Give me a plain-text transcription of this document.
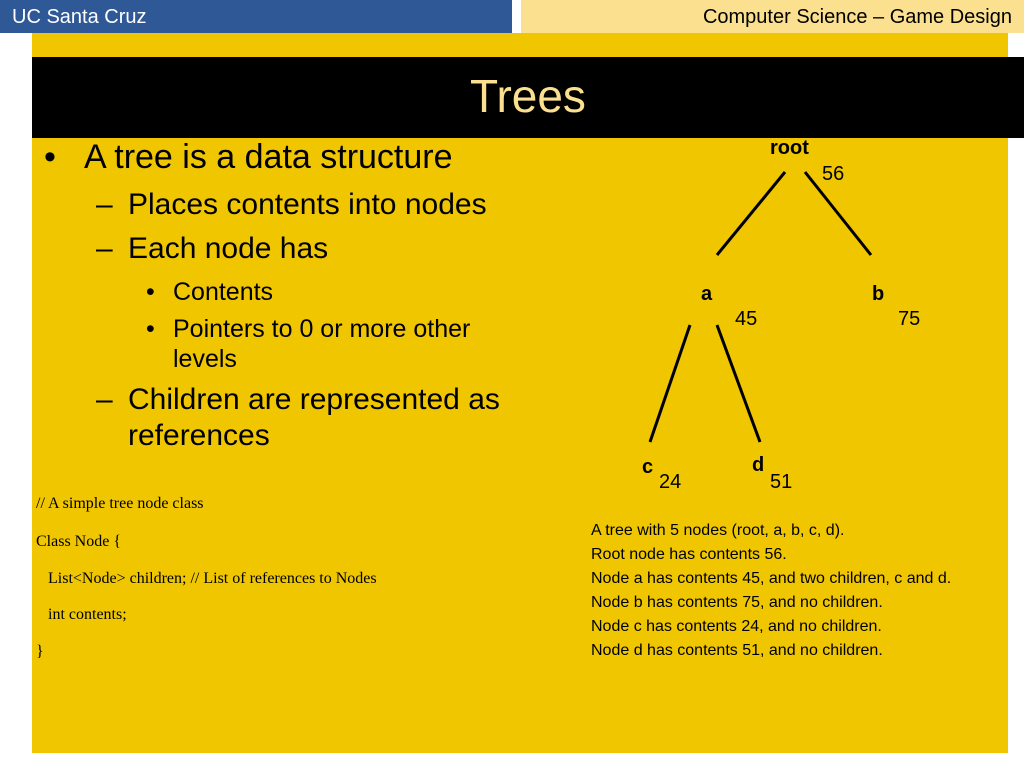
UC Santa Cruz	Computer Science – Game Design
Trees
• A tree is a data structure
– Places contents into nodes
– Each node has
• Contents
• Pointers to 0 or more other
levels
– Children are represented as
references
// A simple tree node class
Class Node {
List<Node> children; // List of references to Nodes
int contents;
}
root
56
a
45
b
75
c
24
d
51
A tree with 5 nodes (root, a, b, c, d).
Root node has contents 56.
Node a has contents 45, and two children, c and d.
Node b has contents 75, and no children.
Node c has contents 24, and no children.
Node d has contents 51, and no children.
